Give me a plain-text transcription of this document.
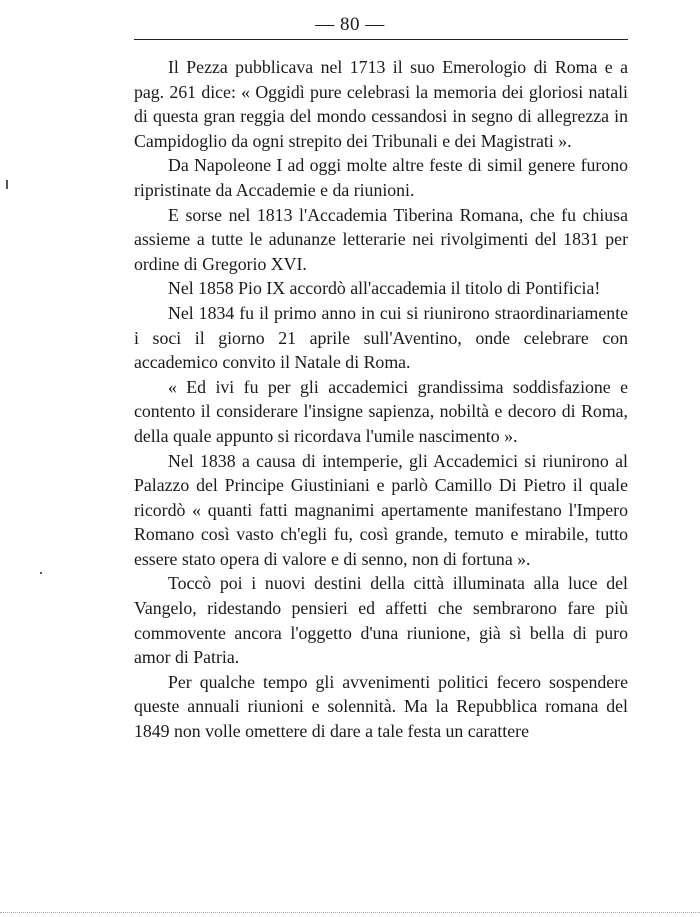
— 80 —

Il Pezza pubblicava nel 1713 il suo Emerologio di Roma e a pag. 261 dice: « Oggidì pure celebrasi la memoria dei gloriosi natali di questa gran reggia del mondo cessandosi in segno di allegrezza in Campidoglio da ogni strepito dei Tribunali e dei Magistrati ».

Da Napoleone I ad oggi molte altre feste di simil genere furono ripristinate da Accademie e da riunioni.

E sorse nel 1813 l'Accademia Tiberina Romana, che fu chiusa assieme a tutte le adunanze letterarie nei rivolgimenti del 1831 per ordine di Gregorio XVI.

Nel 1858 Pio IX accordò all'accademia il titolo di Pontificia!

Nel 1834 fu il primo anno in cui si riunirono straordinariamente i soci il giorno 21 aprile sull'Aventino, onde celebrare con accademico convito il Natale di Roma.

« Ed ivi fu per gli accademici grandissima soddisfazione e contento il considerare l'insigne sapienza, nobiltà e decoro di Roma, della quale appunto si ricordava l'umile nascimento ».

Nel 1838 a causa di intemperie, gli Accademici si riunirono al Palazzo del Principe Giustiniani e parlò Camillo Di Pietro il quale ricordò « quanti fatti magnanimi apertamente manifestano l'Impero Romano così vasto ch'egli fu, così grande, temuto e mirabile, tutto essere stato opera di valore e di senno, non di fortuna ».

Toccò poi i nuovi destini della città illuminata alla luce del Vangelo, ridestando pensieri ed affetti che sembrarono fare più commovente ancora l'oggetto d'una riunione, già sì bella di puro amor di Patria.

Per qualche tempo gli avvenimenti politici fecero sospendere queste annuali riunioni e solennità. Ma la Repubblica romana del 1849 non volle omettere di dare a tale festa un carattere
